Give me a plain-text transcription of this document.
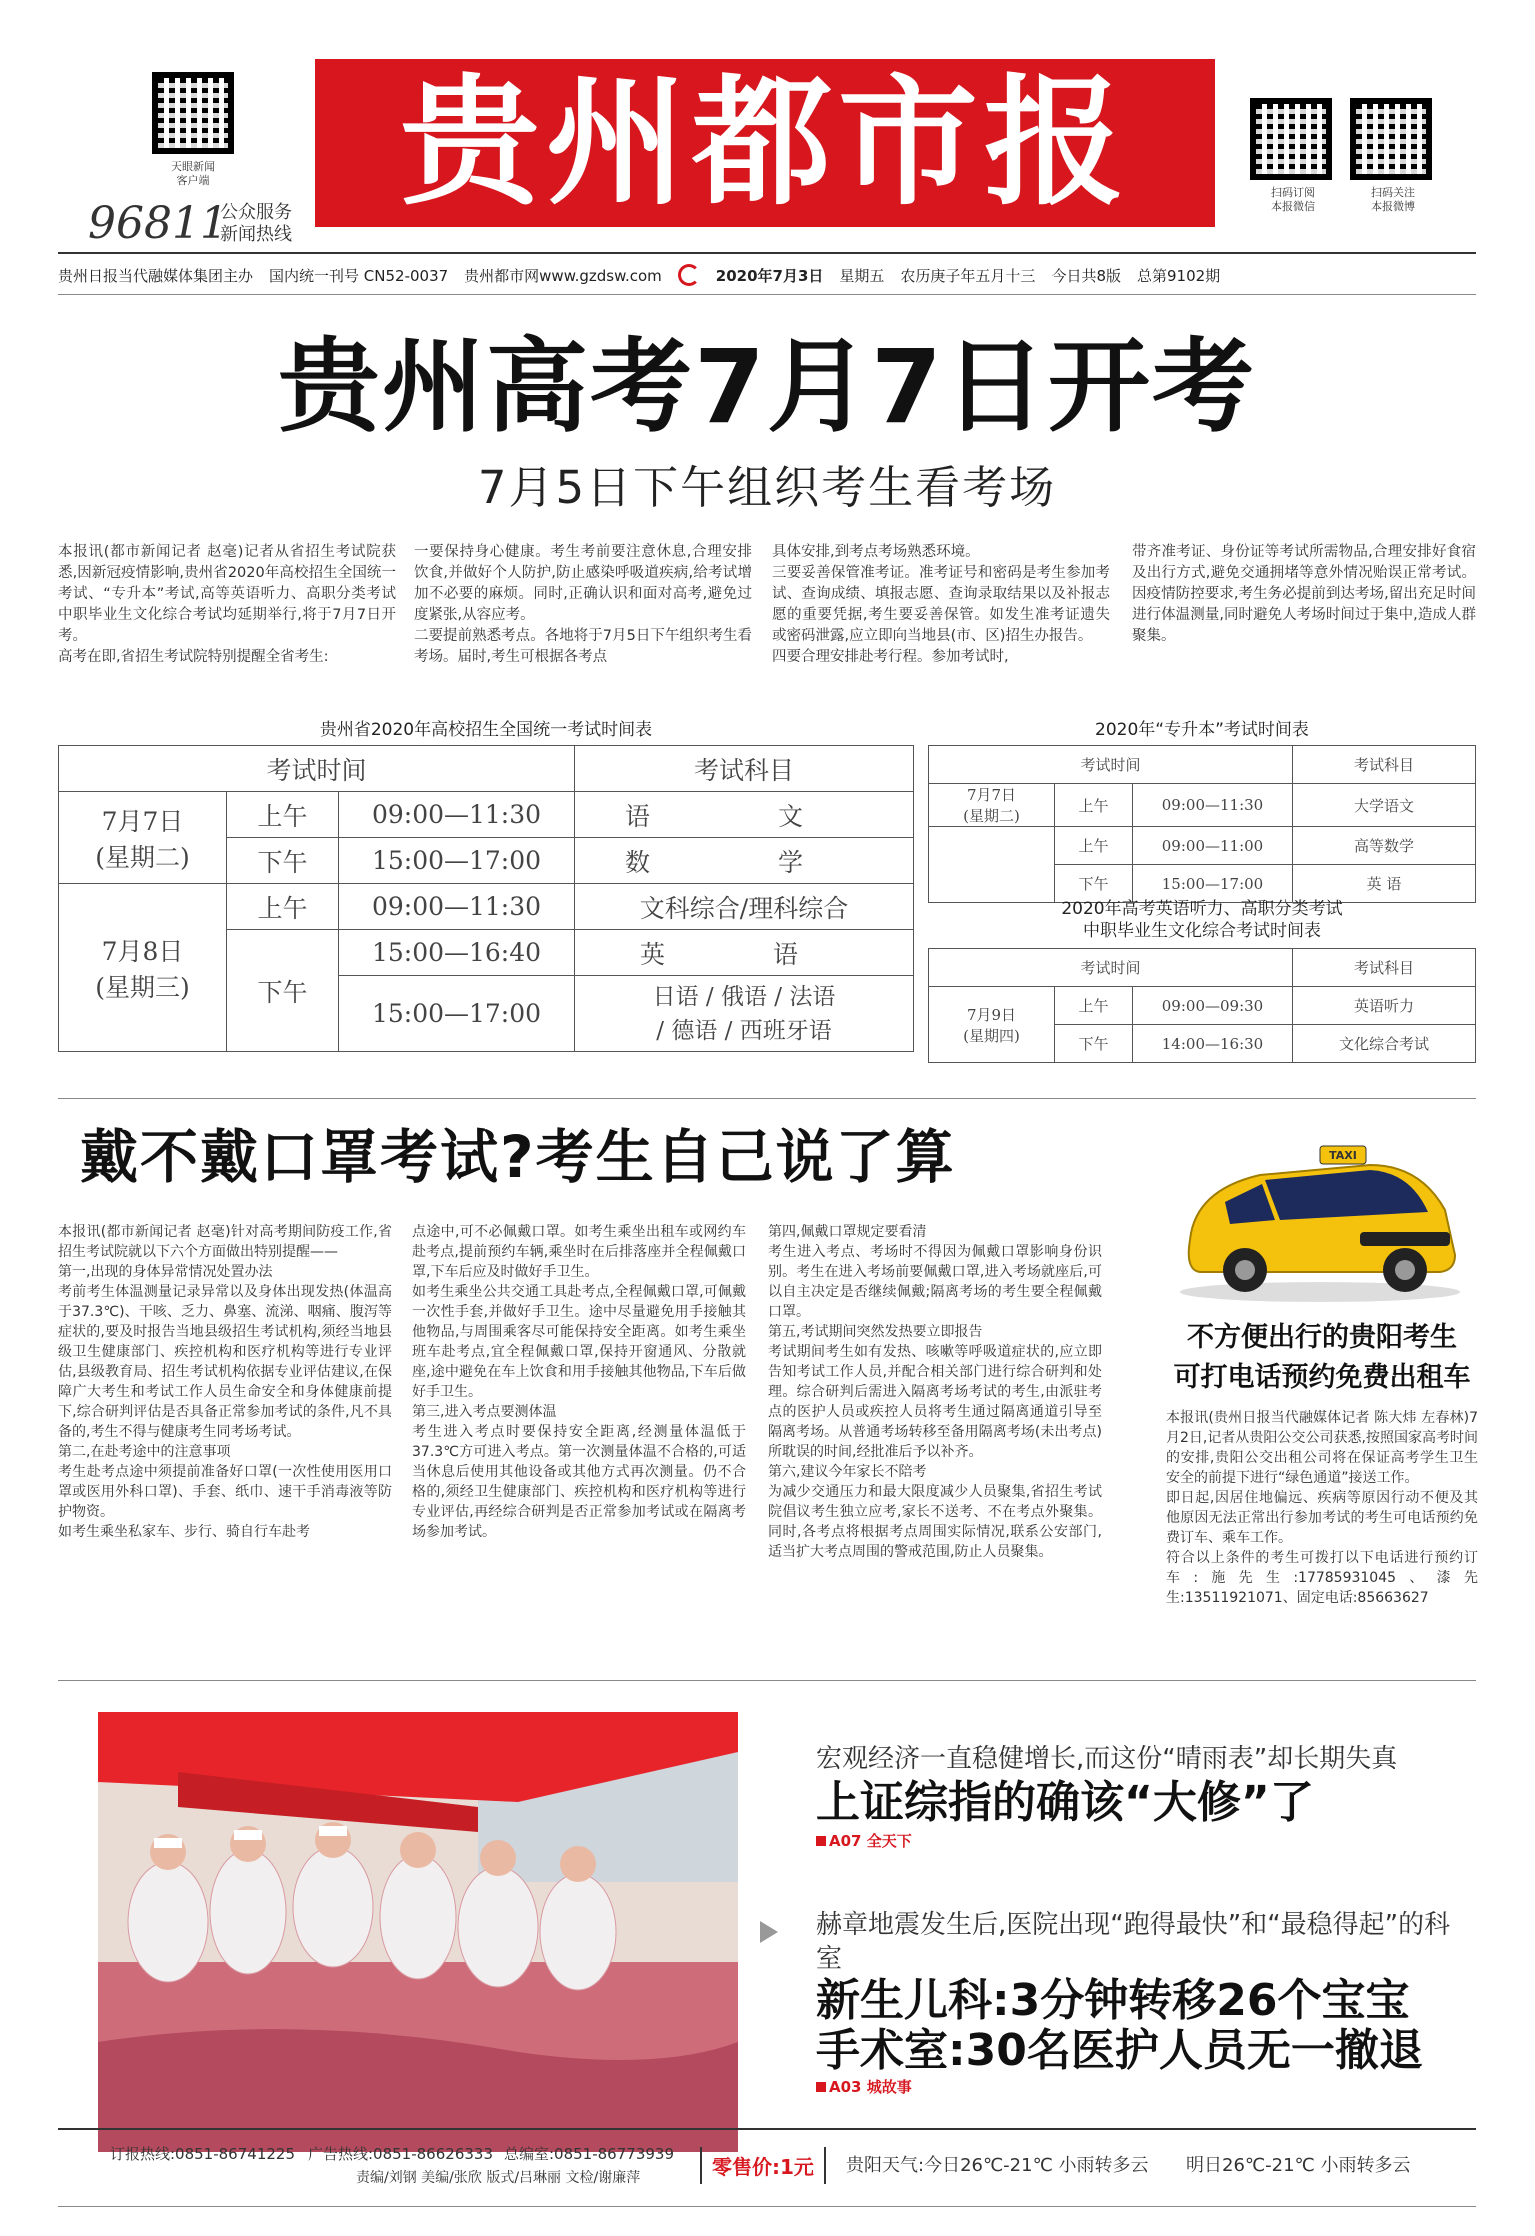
天眼新闻
客户端
96811
公众服务
新闻热线
贵州都市报	扫码订阅
本报微信
扫码关注
本报微博
贵州日报当代融媒体集团主办 国内统一刊号 CN52-0037 贵州都市网www.gzdsw.com	2020年7月3日 星期五 农历庚子年五月十三 今日共8版 总第9102期
贵州高考7月7日开考
7月5日下午组织考生看考场
本报讯(都市新闻记者 赵毫)记者从省招生考试院获悉,因新冠疫情影响,贵州省2020年高校招生全国统一考试、“专升本”考试,高等英语听力、高职分类考试中职毕业生文化综合考试均延期举行,将于7月7日开考。
高考在即,省招生考试院特别提醒全省考生:
一要保持身心健康。考生考前要注意休息,合理安排饮食,并做好个人防护,防止感染呼吸道疾病,给考试增加不必要的麻烦。同时,正确认识和面对高考,避免过度紧张,从容应考。
二要提前熟悉考点。各地将于7月5日下午组织考生看考场。届时,考生可根据各考点
具体安排,到考点考场熟悉环境。
三要妥善保管准考证。准考证号和密码是考生参加考试、查询成绩、填报志愿、查询录取结果以及补报志愿的重要凭据,考生要妥善保管。如发生准考证遗失或密码泄露,应立即向当地县(市、区)招生办报告。
四要合理安排赴考行程。参加考试时,
带齐准考证、身份证等考试所需物品,合理安排好食宿及出行方式,避免交通拥堵等意外情况贻误正常考试。因疫情防控要求,考生务必提前到达考场,留出充足时间进行体温测量,同时避免人考场时间过于集中,造成人群聚集。
贵州省2020年高校招生全国统一考试时间表
考试时间			考试科目
7月7日
(星期二)	上午	09:00—11:30	语 文
	下午	15:00—17:00	数 学
7月8日
(星期三)	上午	09:00—11:30	文科综合/理科综合
	下午	15:00—16:40	英 语
		15:00—17:00	日语 / 俄语 / 法语
/ 德语 / 西班牙语
2020年“专升本”考试时间表
考试时间			考试科目
7月7日
(星期二)	上午	09:00—11:30	大学语文
	上午	09:00—11:00	高等数学
	下午	15:00—17:00	英 语
2020年高考英语听力、高职分类考试
中职毕业生文化综合考试时间表
考试时间			考试科目
7月9日
(星期四)	上午	09:00—09:30	英语听力
	下午	14:00—16:30	文化综合考试
戴不戴口罩考试?考生自己说了算
本报讯(都市新闻记者 赵毫)针对高考期间防疫工作,省招生考试院就以下六个方面做出特别提醒——
第一,出现的身体异常情况处置办法
考前考生体温测量记录异常以及身体出现发热(体温高于37.3℃)、干咳、乏力、鼻塞、流涕、咽痛、腹泻等症状的,要及时报告当地县级招生考试机构,须经当地县级卫生健康部门、疾控机构和医疗机构等进行专业评估,县级教育局、招生考试机构依据专业评估建议,在保障广大考生和考试工作人员生命安全和身体健康前提下,综合研判评估是否具备正常参加考试的条件,凡不具备的,考生不得与健康考生同考场考试。
第二,在赴考途中的注意事项
考生赴考点途中须提前准备好口罩(一次性使用医用口罩或医用外科口罩)、手套、纸巾、速干手消毒液等防护物资。
如考生乘坐私家车、步行、骑自行车赴考
点途中,可不必佩戴口罩。如考生乘坐出租车或网约车赴考点,提前预约车辆,乘坐时在后排落座并全程佩戴口罩,下车后应及时做好手卫生。
如考生乘坐公共交通工具赴考点,全程佩戴口罩,可佩戴一次性手套,并做好手卫生。途中尽量避免用手接触其他物品,与周围乘客尽可能保持安全距离。如考生乘坐班车赴考点,宜全程佩戴口罩,保持开窗通风、分散就座,途中避免在车上饮食和用手接触其他物品,下车后做好手卫生。
第三,进入考点要测体温
考生进入考点时要保持安全距离,经测量体温低于37.3℃方可进入考点。第一次测量体温不合格的,可适当休息后使用其他设备或其他方式再次测量。仍不合格的,须经卫生健康部门、疾控机构和医疗机构等进行专业评估,再经综合研判是否正常参加考试或在隔离考场参加考试。
第四,佩戴口罩规定要看清
考生进入考点、考场时不得因为佩戴口罩影响身份识别。考生在进入考场前要佩戴口罩,进入考场就座后,可以自主决定是否继续佩戴;隔离考场的考生要全程佩戴口罩。
第五,考试期间突然发热要立即报告
考试期间考生如有发热、咳嗽等呼吸道症状的,应立即告知考试工作人员,并配合相关部门进行综合研判和处理。综合研判后需进入隔离考场考试的考生,由派驻考点的医护人员或疾控人员将考生通过隔离通道引导至隔离考场。从普通考场转移至备用隔离考场(未出考点)所耽误的时间,经批准后予以补齐。
第六,建议今年家长不陪考
为减少交通压力和最大限度减少人员聚集,省招生考试院倡议考生独立应考,家长不送考、不在考点外聚集。同时,各考点将根据考点周围实际情况,联系公安部门,适当扩大考点周围的警戒范围,防止人员聚集。
TAXI
不方便出行的贵阳考生
可打电话预约免费出租车
本报讯(贵州日报当代融媒体记者 陈大炜 左春林)7月2日,记者从贵阳公交公司获悉,按照国家高考时间的安排,贵阳公交出租公司将在保证高考学生卫生安全的前提下进行“绿色通道”接送工作。
即日起,因居住地偏远、疾病等原因行动不便及其他原因无法正常出行参加考试的考生可电话预约免费订车、乘车工作。
符合以上条件的考生可拨打以下电话进行预约订车:施先生:17785931045、漆先生:13511921071、固定电话:85663627
宏观经济一直稳健增长,而这份“晴雨表”却长期失真
上证综指的确该“大修”了
A07 全天下
赫章地震发生后,医院出现“跑得最快”和“最稳得起”的科室
新生儿科:3分钟转移26个宝宝
手术室:30名医护人员无一撤退
A03 城故事
订报热线:0851-86741225 广告热线:0851-86626333 总编室:0851-86773939
责编/刘钢 美编/张欣 版式/吕琳丽 文检/谢廉萍	零售价:1元	贵阳天气:今日26℃-21℃ 小雨转多云 明日26℃-21℃ 小雨转多云
